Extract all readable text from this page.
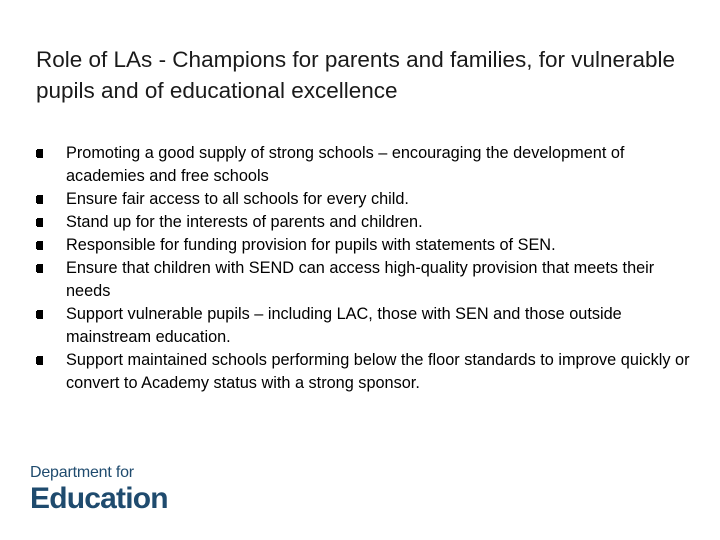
Role of LAs - Champions for parents and families, for vulnerable pupils and of educational excellence
Promoting a good supply of strong schools – encouraging the development of academies and free schools
Ensure fair access to all schools for every child.
Stand up for the interests of parents and children.
Responsible for funding provision for pupils with statements of SEN.
Ensure that children with SEND can access high-quality provision that meets their needs
Support vulnerable pupils – including LAC, those with SEN and those outside mainstream education.
Support maintained schools performing below the floor standards to improve quickly or convert to Academy status with a strong sponsor.
Department for
Education
